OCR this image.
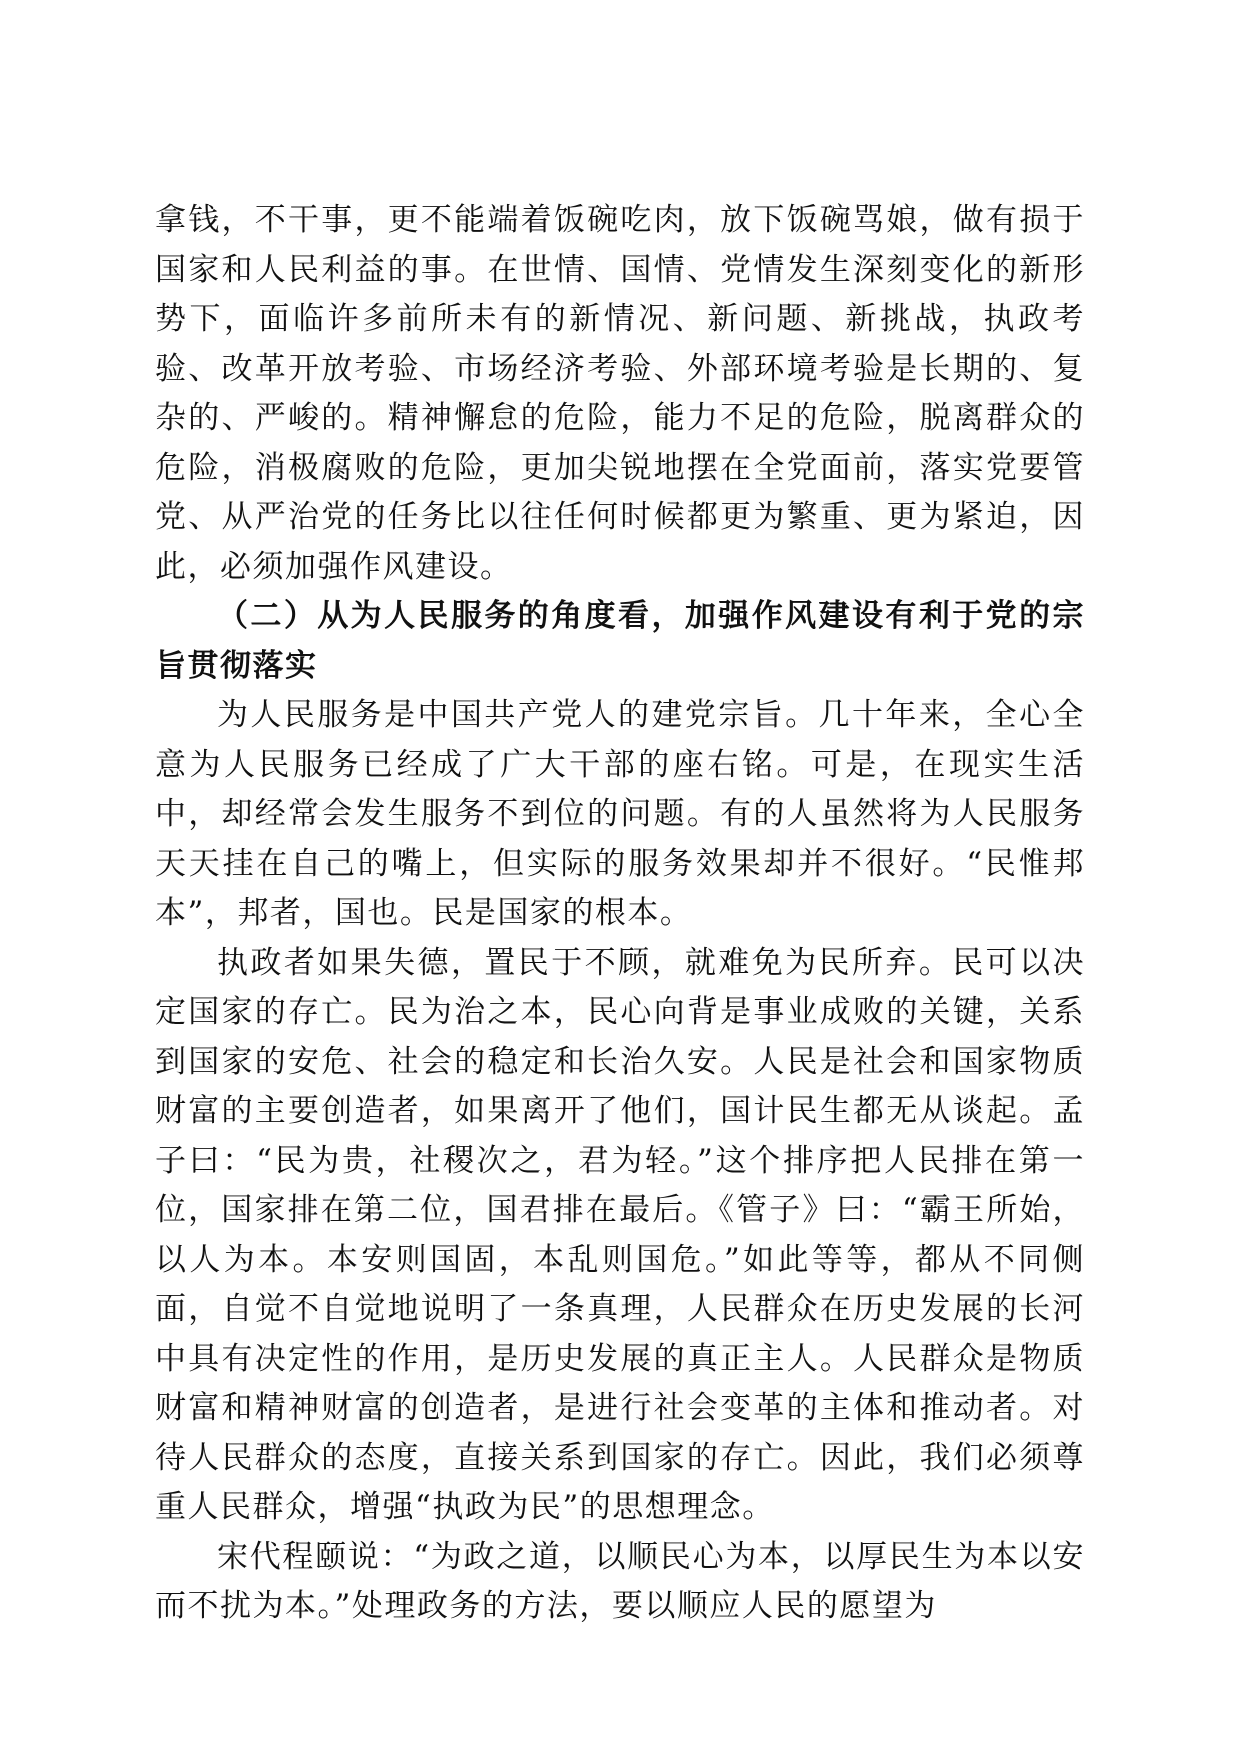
拿钱，不干事，更不能端着饭碗吃肉，放下饭碗骂娘，做有损于国家和人民利益的事。在世情、国情、党情发生深刻变化的新形势下，面临许多前所未有的新情况、新问题、新挑战，执政考验、改革开放考验、市场经济考验、外部环境考验是长期的、复杂的、严峻的。精神懈怠的危险，能力不足的危险，脱离群众的危险，消极腐败的危险，更加尖锐地摆在全党面前，落实党要管党、从严治党的任务比以往任何时候都更为繁重、更为紧迫，因此，必须加强作风建设。

（二）从为人民服务的角度看，加强作风建设有利于党的宗旨贯彻落实

为人民服务是中国共产党人的建党宗旨。几十年来，全心全意为人民服务已经成了广大干部的座右铭。可是，在现实生活中，却经常会发生服务不到位的问题。有的人虽然将为人民服务天天挂在自己的嘴上，但实际的服务效果却并不很好。“民惟邦本”，邦者，国也。民是国家的根本。

执政者如果失德，置民于不顾，就难免为民所弃。民可以决定国家的存亡。民为治之本，民心向背是事业成败的关键，关系到国家的安危、社会的稳定和长治久安。人民是社会和国家物质财富的主要创造者，如果离开了他们，国计民生都无从谈起。孟子曰：“民为贵，社稷次之，君为轻。”这个排序把人民排在第一位，国家排在第二位，国君排在最后。《管子》曰：“霸王所始，以人为本。本安则国固，本乱则国危。”如此等等，都从不同侧面，自觉不自觉地说明了一条真理，人民群众在历史发展的长河中具有决定性的作用，是历史发展的真正主人。人民群众是物质财富和精神财富的创造者，是进行社会变革的主体和推动者。对待人民群众的态度，直接关系到国家的存亡。因此，我们必须尊重人民群众，增强“执政为民”的思想理念。

宋代程颐说：“为政之道，以顺民心为本，以厚民生为本以安而不扰为本。”处理政务的方法，要以顺应人民的愿望为
